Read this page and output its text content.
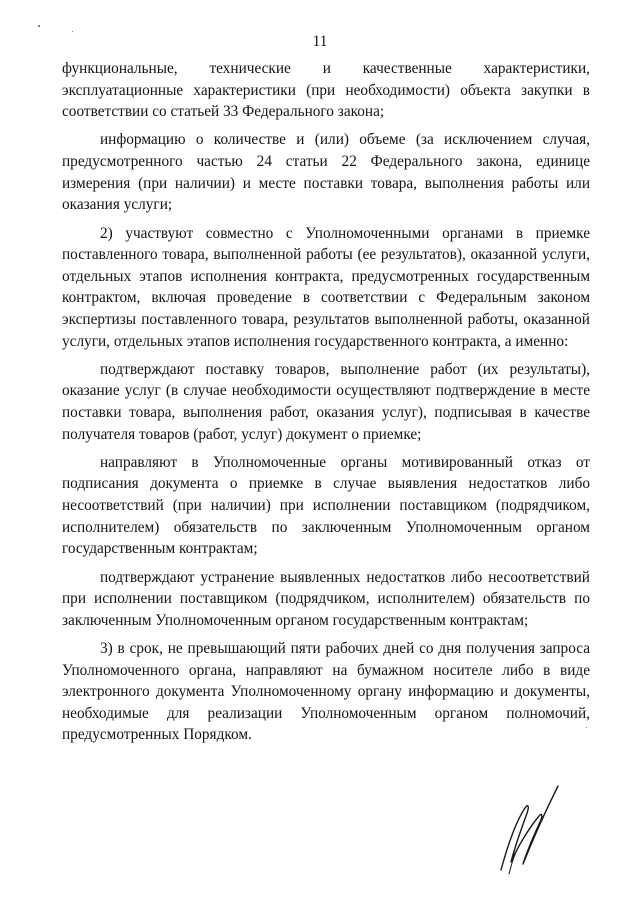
11

функциональные, технические и качественные характеристики, эксплуатационные характеристики (при необходимости) объекта закупки в соответствии со статьей 33 Федерального закона;

информацию о количестве и (или) объеме (за исключением случая, предусмотренного частью 24 статьи 22 Федерального закона, единице измерения (при наличии) и месте поставки товара, выполнения работы или оказания услуги;

2) участвуют совместно с Уполномоченными органами в приемке поставленного товара, выполненной работы (ее результатов), оказанной услуги, отдельных этапов исполнения контракта, предусмотренных государственным контрактом, включая проведение в соответствии с Федеральным законом экспертизы поставленного товара, результатов выполненной работы, оказанной услуги, отдельных этапов исполнения государственного контракта, а именно:

подтверждают поставку товаров, выполнение работ (их результаты), оказание услуг (в случае необходимости осуществляют подтверждение в месте поставки товара, выполнения работ, оказания услуг), подписывая в качестве получателя товаров (работ, услуг) документ о приемке;

направляют в Уполномоченные органы мотивированный отказ от подписания документа о приемке в случае выявления недостатков либо несоответствий (при наличии) при исполнении поставщиком (подрядчиком, исполнителем) обязательств по заключенным Уполномоченным органом государственным контрактам;

подтверждают устранение выявленных недостатков либо несоответствий при исполнении поставщиком (подрядчиком, исполнителем) обязательств по заключенным Уполномоченным органом государственным контрактам;

3) в срок, не превышающий пяти рабочих дней со дня получения запроса Уполномоченного органа, направляют на бумажном носителе либо в виде электронного документа Уполномоченному органу информацию и документы, необходимые для реализации Уполномоченным органом полномочий, предусмотренных Порядком.
